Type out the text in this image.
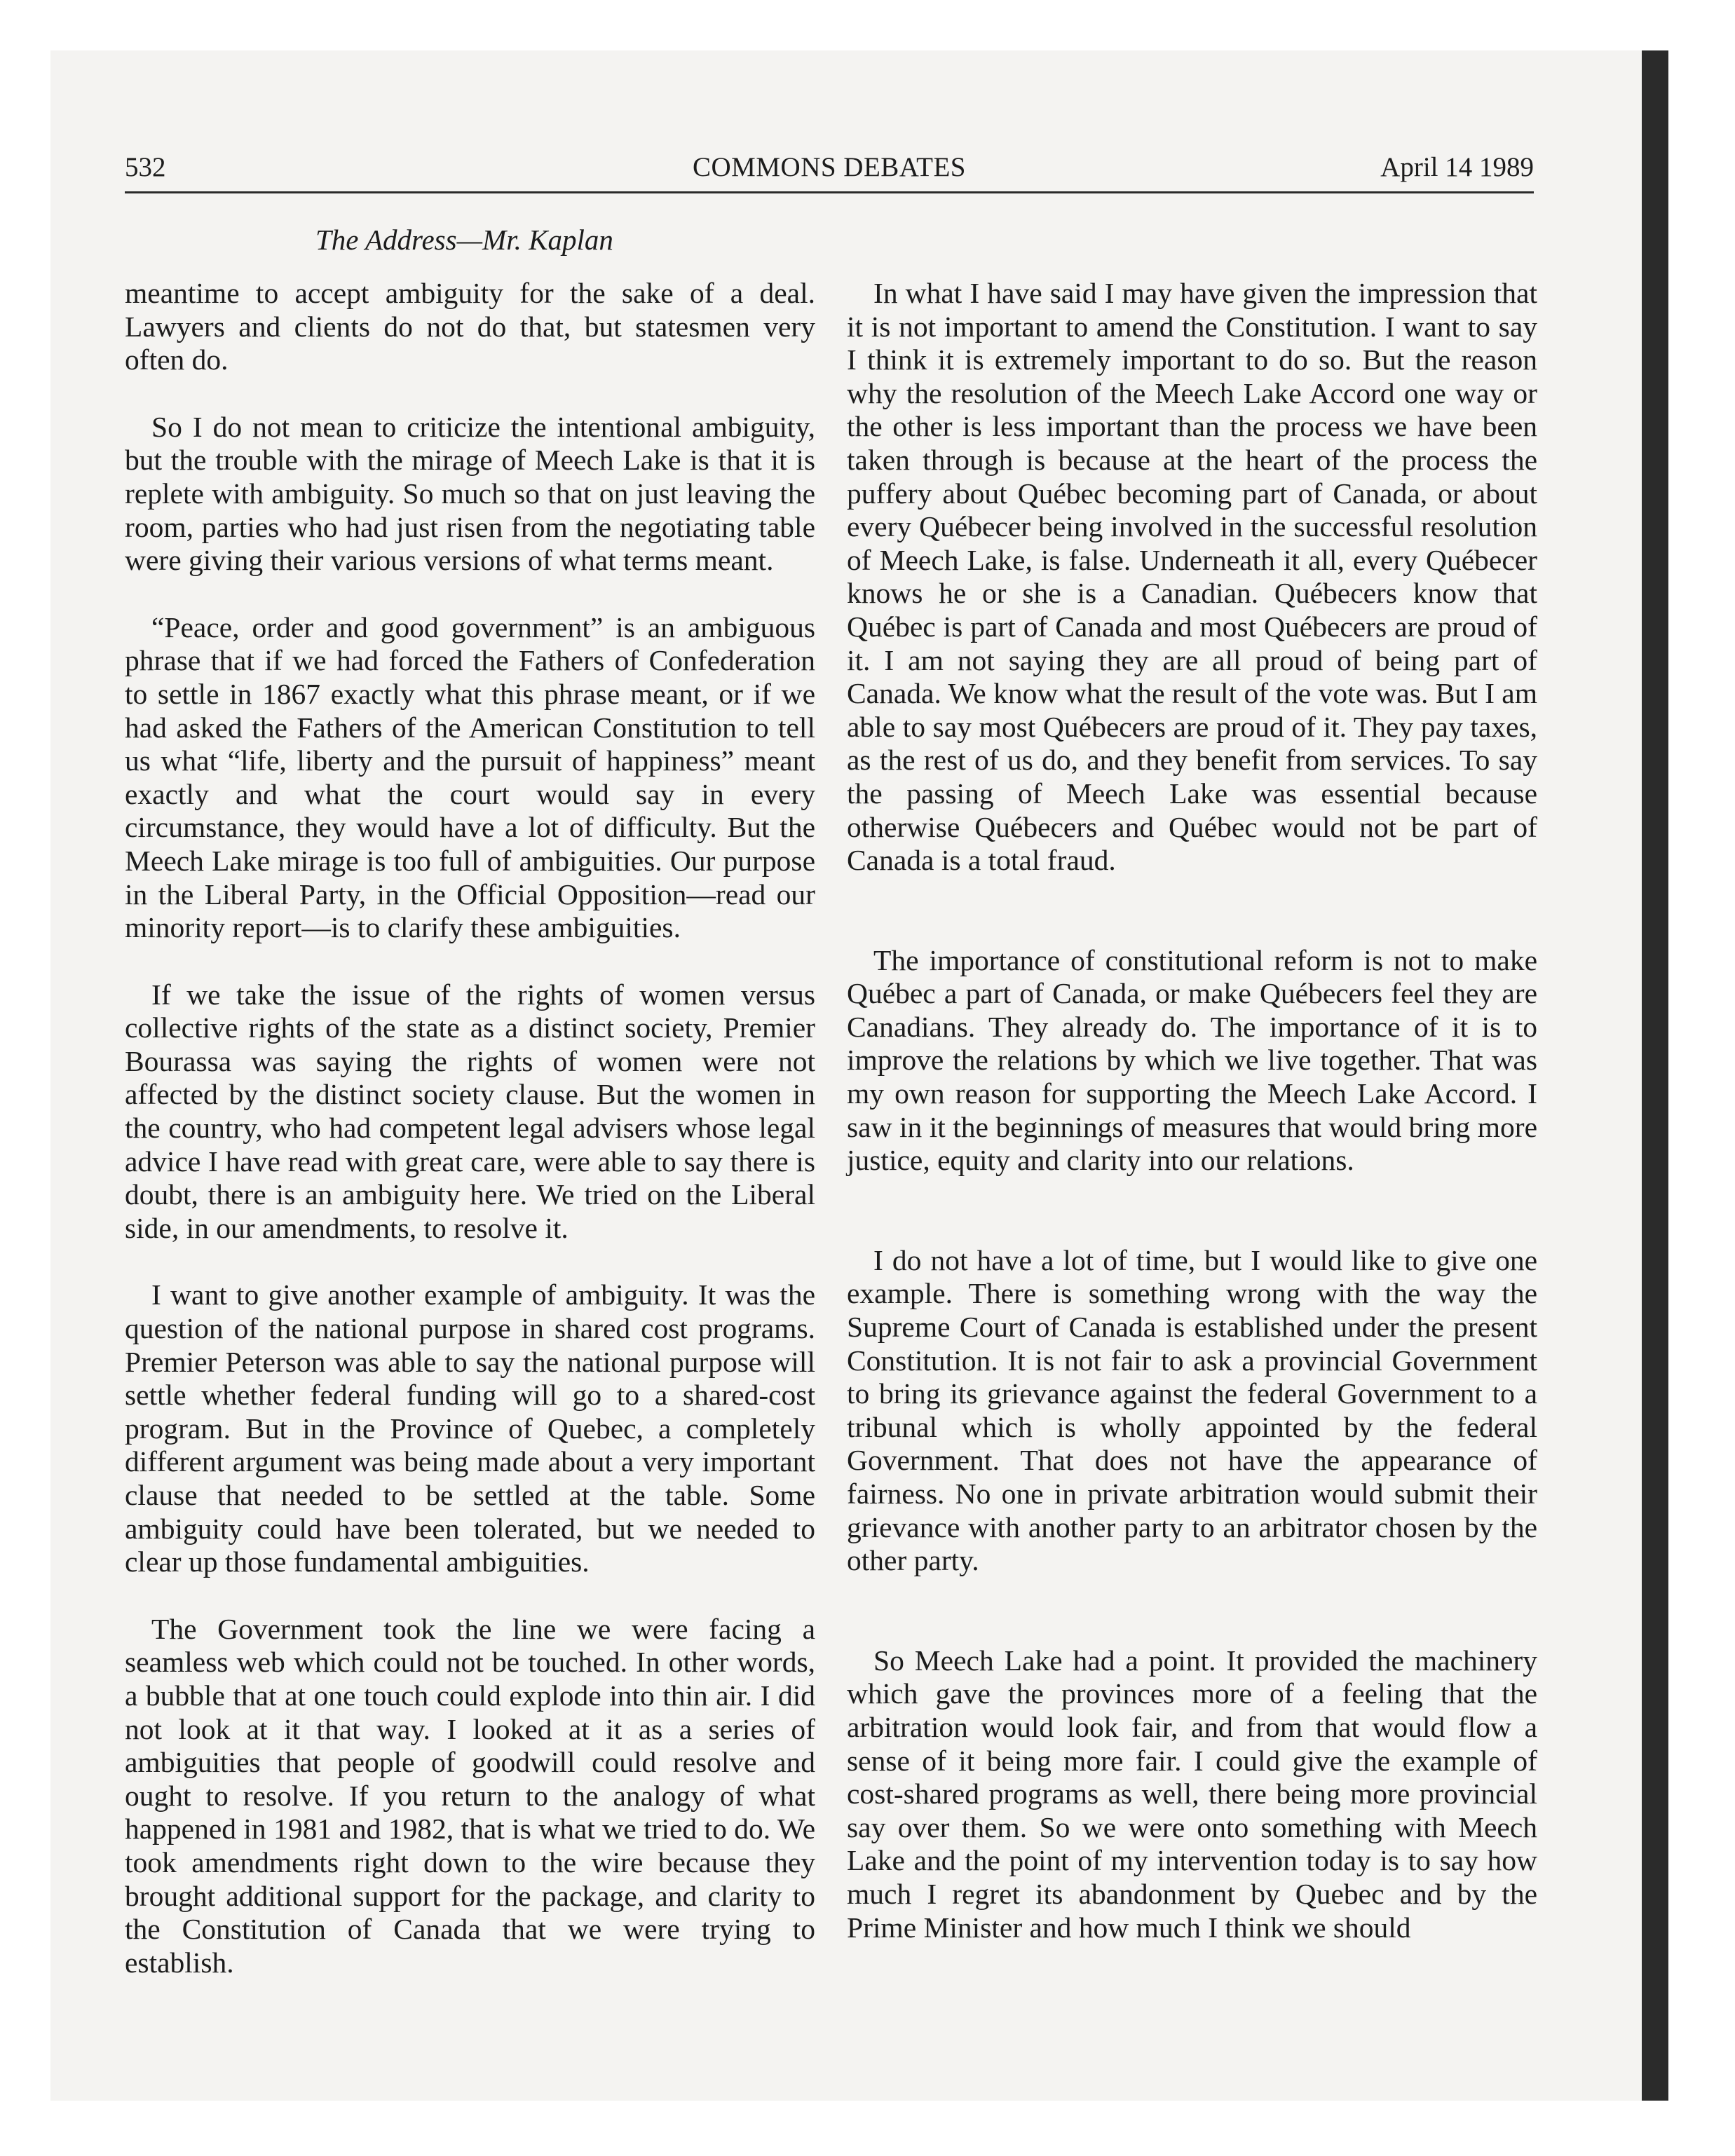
532	COMMONS DEBATES	April 14 1989
The Address—Mr. Kaplan

meantime to accept ambiguity for the sake of a deal. Lawyers and clients do not do that, but statesmen very often do.

So I do not mean to criticize the intentional ambiguity, but the trouble with the mirage of Meech Lake is that it is replete with ambiguity. So much so that on just leaving the room, parties who had just risen from the negotiating table were giving their various versions of what terms meant.

“Peace, order and good government” is an ambiguous phrase that if we had forced the Fathers of Confederation to settle in 1867 exactly what this phrase meant, or if we had asked the Fathers of the American Constitution to tell us what “life, liberty and the pursuit of happiness” meant exactly and what the court would say in every circumstance, they would have a lot of difficulty. But the Meech Lake mirage is too full of ambiguities. Our purpose in the Liberal Party, in the Official Opposition—read our minority report—is to clarify these ambiguities.

If we take the issue of the rights of women versus collective rights of the state as a distinct society, Premier Bourassa was saying the rights of women were not affected by the distinct society clause. But the women in the country, who had competent legal advisers whose legal advice I have read with great care, were able to say there is doubt, there is an ambiguity here. We tried on the Liberal side, in our amendments, to resolve it.

I want to give another example of ambiguity. It was the question of the national purpose in shared cost programs. Premier Peterson was able to say the national purpose will settle whether federal funding will go to a shared-cost program. But in the Province of Quebec, a completely different argument was being made about a very important clause that needed to be settled at the table. Some ambiguity could have been tolerated, but we needed to clear up those fundamental ambiguities.

The Government took the line we were facing a seamless web which could not be touched. In other words, a bubble that at one touch could explode into thin air. I did not look at it that way. I looked at it as a series of ambiguities that people of goodwill could resolve and ought to resolve. If you return to the analogy of what happened in 1981 and 1982, that is what we tried to do. We took amendments right down to the wire because they brought additional support for the package, and clarity to the Constitution of Canada that we were trying to establish.

In what I have said I may have given the impression that it is not important to amend the Constitution. I want to say I think it is extremely important to do so. But the reason why the resolution of the Meech Lake Accord one way or the other is less important than the process we have been taken through is because at the heart of the process the puffery about Québec becoming part of Canada, or about every Québecer being involved in the successful resolution of Meech Lake, is false. Underneath it all, every Québecer knows he or she is a Canadian. Québecers know that Québec is part of Canada and most Québecers are proud of it. I am not saying they are all proud of being part of Canada. We know what the result of the vote was. But I am able to say most Québecers are proud of it. They pay taxes, as the rest of us do, and they benefit from services. To say the passing of Meech Lake was essential because otherwise Québecers and Québec would not be part of Canada is a total fraud.

The importance of constitutional reform is not to make Québec a part of Canada, or make Québecers feel they are Canadians. They already do. The importance of it is to improve the relations by which we live together. That was my own reason for supporting the Meech Lake Accord. I saw in it the beginnings of measures that would bring more justice, equity and clarity into our relations.

I do not have a lot of time, but I would like to give one example. There is something wrong with the way the Supreme Court of Canada is established under the present Constitution. It is not fair to ask a provincial Government to bring its grievance against the federal Government to a tribunal which is wholly appointed by the federal Government. That does not have the appearance of fairness. No one in private arbitration would submit their grievance with another party to an arbitrator chosen by the other party.

So Meech Lake had a point. It provided the machinery which gave the provinces more of a feeling that the arbitration would look fair, and from that would flow a sense of it being more fair. I could give the example of cost-shared programs as well, there being more provincial say over them. So we were onto something with Meech Lake and the point of my intervention today is to say how much I regret its abandonment by Quebec and by the Prime Minister and how much I think we should
